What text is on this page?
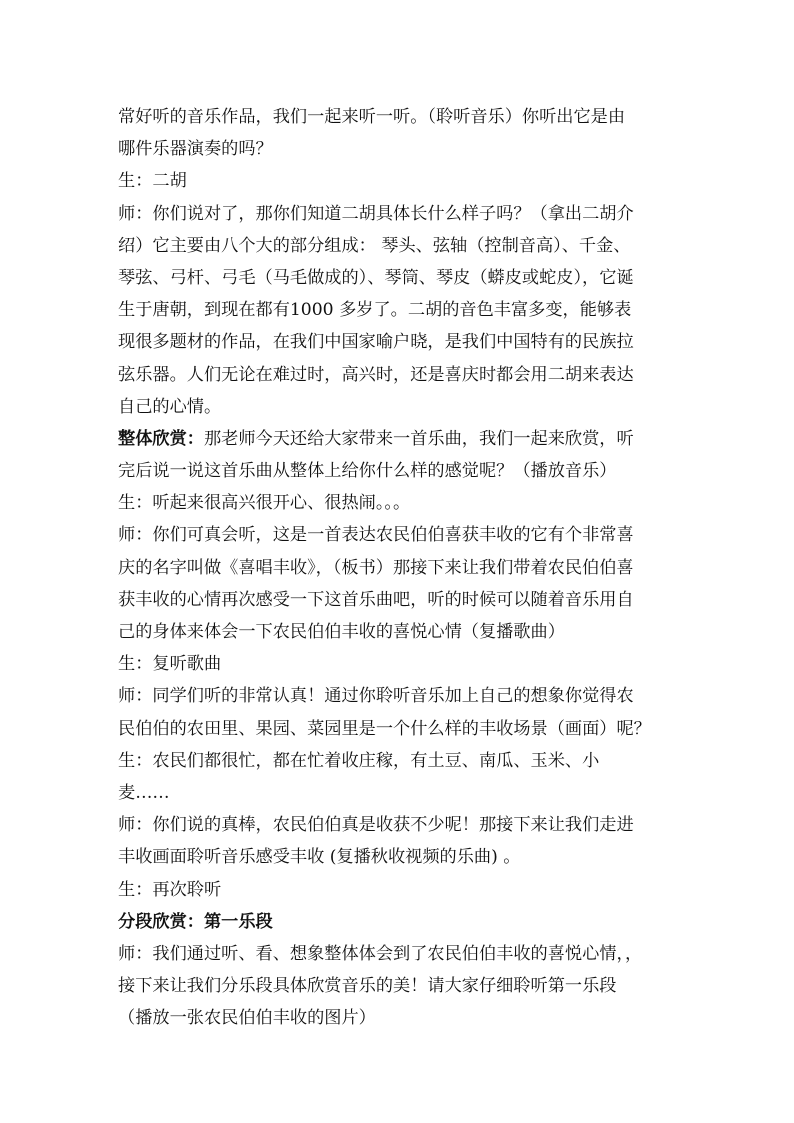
常好听的音乐作品，我们一起来听一听。（聆听音乐）你听出它是由
哪件乐器演奏的吗？
生：二胡
师：你们说对了，那你们知道二胡具体长什么样子吗？（拿出二胡介
绍）它主要由八个大的部分组成： 琴头、弦轴（控制音高）、千金、
琴弦、弓杆、弓毛（马毛做成的）、琴筒、琴皮（蟒皮或蛇皮），它诞
生于唐朝，到现在都有1000 多岁了。二胡的音色丰富多变，能够表
现很多题材的作品，在我们中国家喻户晓，是我们中国特有的民族拉
弦乐器。人们无论在难过时，高兴时，还是喜庆时都会用二胡来表达
自己的心情。
整体欣赏：那老师今天还给大家带来一首乐曲，我们一起来欣赏，听
完后说一说这首乐曲从整体上给你什么样的感觉呢？（播放音乐）
生：听起来很高兴很开心、很热闹。。。
师：你们可真会听，这是一首表达农民伯伯喜获丰收的它有个非常喜
庆的名字叫做《喜唱丰收》，（板书）那接下来让我们带着农民伯伯喜
获丰收的心情再次感受一下这首乐曲吧，听的时候可以随着音乐用自
己的身体来体会一下农民伯伯丰收的喜悦心情（复播歌曲）
生：复听歌曲
师：同学们听的非常认真！通过你聆听音乐加上自己的想象你觉得农
民伯伯的农田里、果园、菜园里是一个什么样的丰收场景（画面）呢？
生：农民们都很忙，都在忙着收庄稼，有土豆、南瓜、玉米、小
麦……
师：你们说的真棒，农民伯伯真是收获不少呢！那接下来让我们走进
丰收画面聆听音乐感受丰收 (复播秋收视频的乐曲) 。
生：再次聆听
分段欣赏：第一乐段
师：我们通过听、看、想象整体体会到了农民伯伯丰收的喜悦心情，，
接下来让我们分乐段具体欣赏音乐的美！请大家仔细聆听第一乐段
（播放一张农民伯伯丰收的图片）
